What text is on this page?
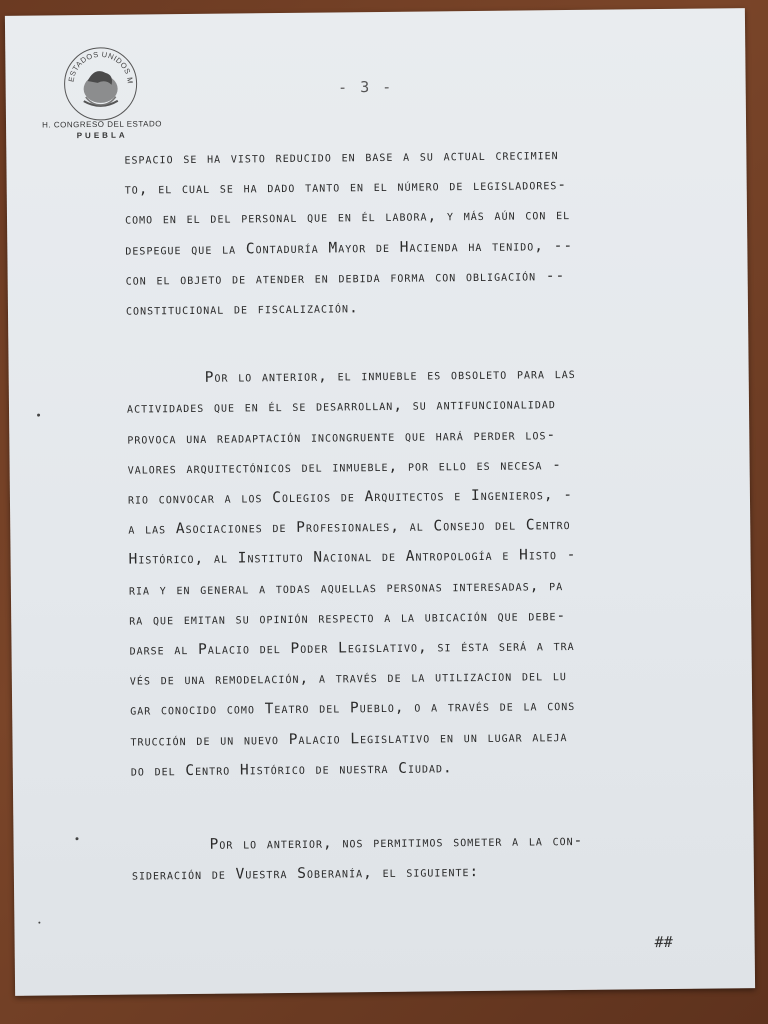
ESTADOS UNIDOS MEXICANOS
H. CONGRESO DEL ESTADO
PUEBLA
- 3 -
espacio se ha visto reducido en base a su actual crecimien
to, el cual se ha dado tanto en el número de legisladores-
como en el del personal que en él labora, y más aún con el
despegue que la Contaduría Mayor de Hacienda ha tenido, --
con el objeto de atender en debida forma con obligación --
constitucional de fiscalización.
Por lo anterior, el inmueble es obsoleto para las
actividades que en él se desarrollan, su antifuncionalidad
provoca una readaptación incongruente que hará perder los-
valores arquitectónicos del inmueble, por ello es necesa -
rio convocar a los Colegios de Arquitectos e Ingenieros, -
a las Asociaciones de Profesionales, al Consejo del Centro
Histórico, al Instituto Nacional de Antropología e Histo -
ria y en general a todas aquellas personas interesadas, pa
ra que emitan su opinión respecto a la ubicación que debe-
darse al Palacio del Poder Legislativo, si ésta será a tra
vés de una remodelación, a través de la utilizacion del lu
gar conocido como Teatro del Pueblo, o a través de la cons
trucción de un nuevo Palacio Legislativo en un lugar aleja
do del Centro Histórico de nuestra Ciudad.
Por lo anterior, nos permitimos someter a la con-
sideración de Vuestra Soberanía, el siguiente:
##
